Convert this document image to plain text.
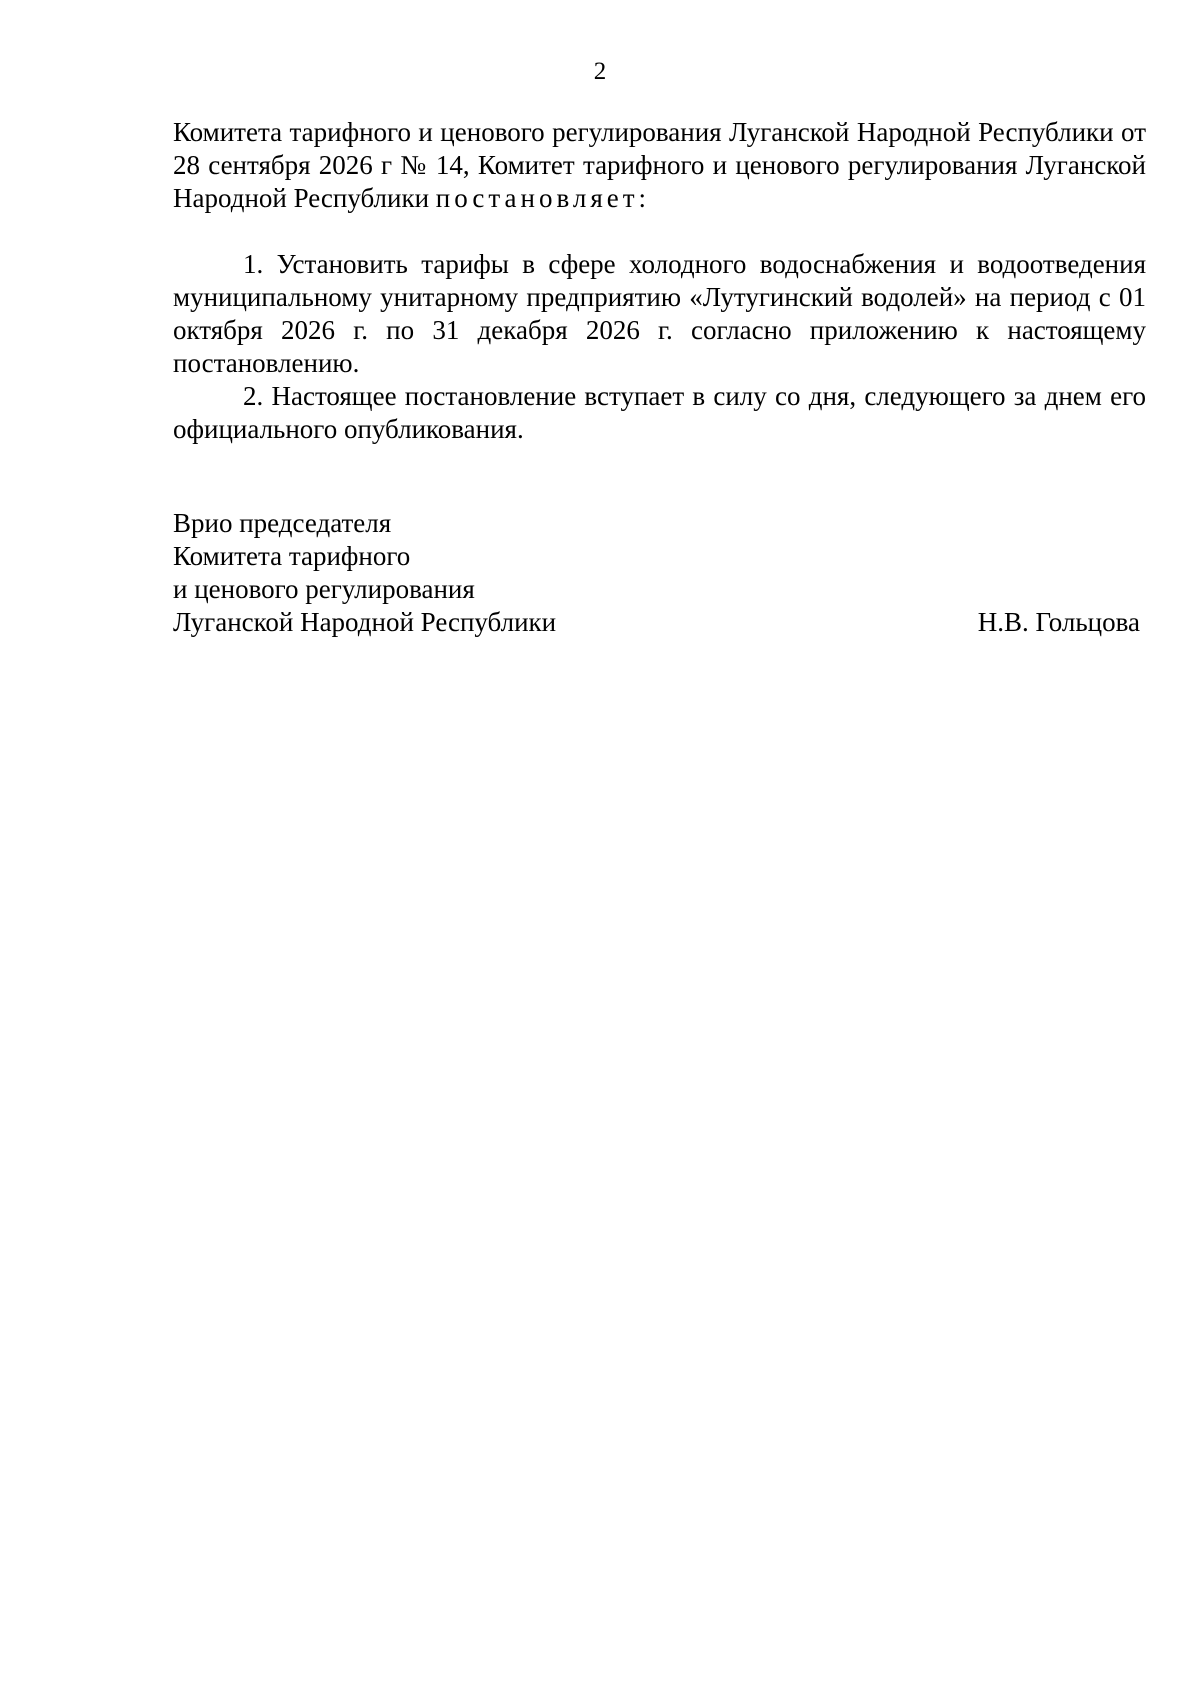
2

Комитета тарифного и ценового регулирования Луганской Народной Республики от 28 сентября 2026 г № 14, Комитет тарифного и ценового регулирования Луганской Народной Республики постановляет:

1. Установить тарифы в сфере холодного водоснабжения и водоотведения муниципальному унитарному предприятию «Лутугинский водолей» на период с 01 октября 2026 г. по 31 декабря 2026 г. согласно приложению к настоящему постановлению.

2. Настоящее постановление вступает в силу со дня, следующего за днем его официального опубликования.

Врио председателя
Комитета тарифного
и ценового регулирования
Луганской Народной Республики	Н.В. Гольцова
